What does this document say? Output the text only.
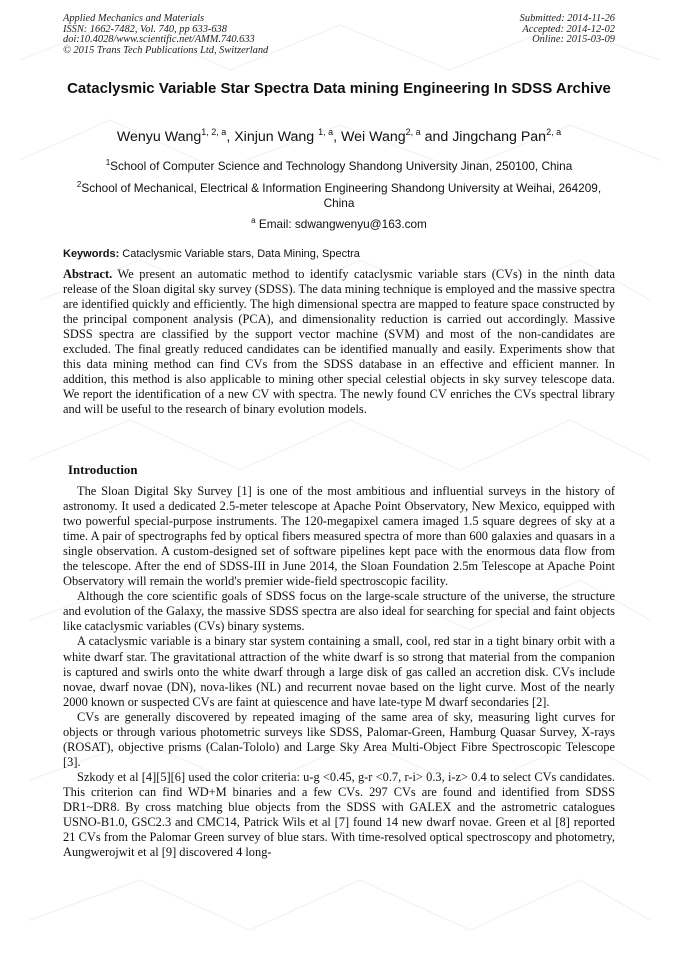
Applied Mechanics and Materials
ISSN: 1662-7482, Vol. 740, pp 633-638
doi:10.4028/www.scientific.net/AMM.740.633
© 2015 Trans Tech Publications Ltd, Switzerland
Submitted: 2014-11-26
Accepted: 2014-12-02
Online: 2015-03-09
Cataclysmic Variable Star Spectra Data mining Engineering In SDSS Archive
Wenyu Wang$^{1, 2, a}$, Xinjun Wang $^{1, a}$, Wei Wang$^{2, a}$ and Jingchang Pan$^{2, a}$
$^1$School of Computer Science and Technology Shandong University Jinan, 250100, China
$^2$School of Mechanical, Electrical & Information Engineering Shandong University at Weihai, 264209, China
$^a$ Email: sdwangwenyu@163.com
Keywords: Cataclysmic Variable stars, Data Mining, Spectra
Abstract. We present an automatic method to identify cataclysmic variable stars (CVs) in the ninth data release of the Sloan digital sky survey (SDSS). The data mining technique is employed and the massive spectra are identified quickly and efficiently. The high dimensional spectra are mapped to feature space constructed by the principal component analysis (PCA), and dimensionality reduction is carried out accordingly. Massive SDSS spectra are classified by the support vector machine (SVM) and most of the non-candidates are excluded. The final greatly reduced candidates can be identified manually and easily. Experiments show that this data mining method can find CVs from the SDSS database in an effective and efficient manner. In addition, this method is also applicable to mining other special celestial objects in sky survey telescope data. We report the identification of a new CV with spectra. The newly found CV enriches the CVs spectral library and will be useful to the research of binary evolution models.
Introduction

The Sloan Digital Sky Survey [1] is one of the most ambitious and influential surveys in the history of astronomy. It used a dedicated 2.5-meter telescope at Apache Point Observatory, New Mexico, equipped with two powerful special-purpose instruments. The 120-megapixel camera imaged 1.5 square degrees of sky at a time. A pair of spectrographs fed by optical fibers measured spectra of more than 600 galaxies and quasars in a single observation. A custom-designed set of software pipelines kept pace with the enormous data flow from the telescope. After the end of SDSS-III in June 2014, the Sloan Foundation 2.5m Telescope at Apache Point Observatory will remain the world's premier wide-field spectroscopic facility.

Although the core scientific goals of SDSS focus on the large-scale structure of the universe, the structure and evolution of the Galaxy, the massive SDSS spectra are also ideal for searching for special and faint objects like cataclysmic variables (CVs) binary systems.

A cataclysmic variable is a binary star system containing a small, cool, red star in a tight binary orbit with a white dwarf star. The gravitational attraction of the white dwarf is so strong that material from the companion is captured and swirls onto the white dwarf through a large disk of gas called an accretion disk. CVs include novae, dwarf novae (DN), nova-likes (NL) and recurrent novae based on the light curve. Most of the nearly 2000 known or suspected CVs are faint at quiescence and have late-type M dwarf secondaries [2].

CVs are generally discovered by repeated imaging of the same area of sky, measuring light curves for objects or through various photometric surveys like SDSS, Palomar-Green, Hamburg Quasar Survey, X-rays (ROSAT), objective prisms (Calan-Tololo) and Large Sky Area Multi-Object Fibre Spectroscopic Telescope [3].

Szkody et al [4][5][6] used the color criteria: u-g <0.45, g-r <0.7, r-i> 0.3, i-z> 0.4 to select CVs candidates. This criterion can find WD+M binaries and a few CVs. 297 CVs are found and identified from SDSS DR1~DR8. By cross matching blue objects from the SDSS with GALEX and the astrometric catalogues USNO-B1.0, GSC2.3 and CMC14, Patrick Wils et al [7] found 14 new dwarf novae. Green et al [8] reported 21 CVs from the Palomar Green survey of blue stars. With time-resolved optical spectroscopy and photometry, Aungwerojwit et al [9] discovered 4 long-
